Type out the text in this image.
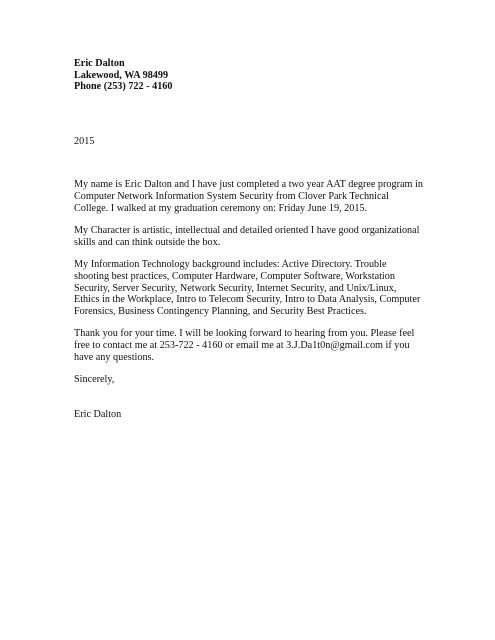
Eric Dalton
Lakewood, WA 98499
Phone (253) 722 - 4160
2015

My name is Eric Dalton and I have just completed a two year AAT degree program in Computer Network Information System Security from Clover Park Technical College. I walked at my graduation ceremony on: Friday June 19, 2015.

My Character is artistic, intellectual and detailed oriented I have good organizational skills and can think outside the box.

My Information Technology background includes: Active Directory. Trouble shooting best practices, Computer Hardware, Computer Software, Workstation Security, Server Security, Network Security, Internet Security, and Unix/Linux, Ethics in the Workplace, Intro to Telecom Security, Intro to Data Analysis, Computer Forensics, Business Contingency Planning, and Security Best Practices.

Thank you for your time. I will be looking forward to hearing from you. Please feel free to contact me at 253-722 - 4160 or email me at 3.J.Da1t0n@gmail.com if you have any questions.

Sincerely,
Eric Dalton
